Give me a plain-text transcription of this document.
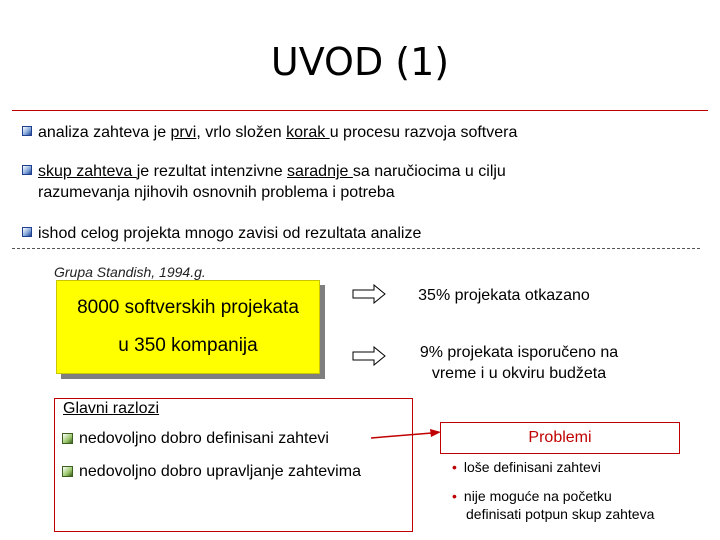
UVOD (1)
analiza zahteva je prvi, vrlo složen korak u procesu razvoja softvera
skup zahteva je rezultat intenzivne saradnje sa naručiocima u cilju
razumevanja njihovih osnovnih problema i potreba
ishod celog projekta mnogo zavisi od rezultata analize
Grupa Standish, 1994.g.
8000 softverskih projekata
u 350 kompanija
35% projekata otkazano
9% projekata isporučeno na
vreme i u okviru budžeta
Glavni razlozi
nedovoljno dobro definisani zahtevi
nedovoljno dobro upravljanje zahtevima
Problemi
• loše definisani zahtevi
• nije moguće na početku
definisati potpun skup zahteva
